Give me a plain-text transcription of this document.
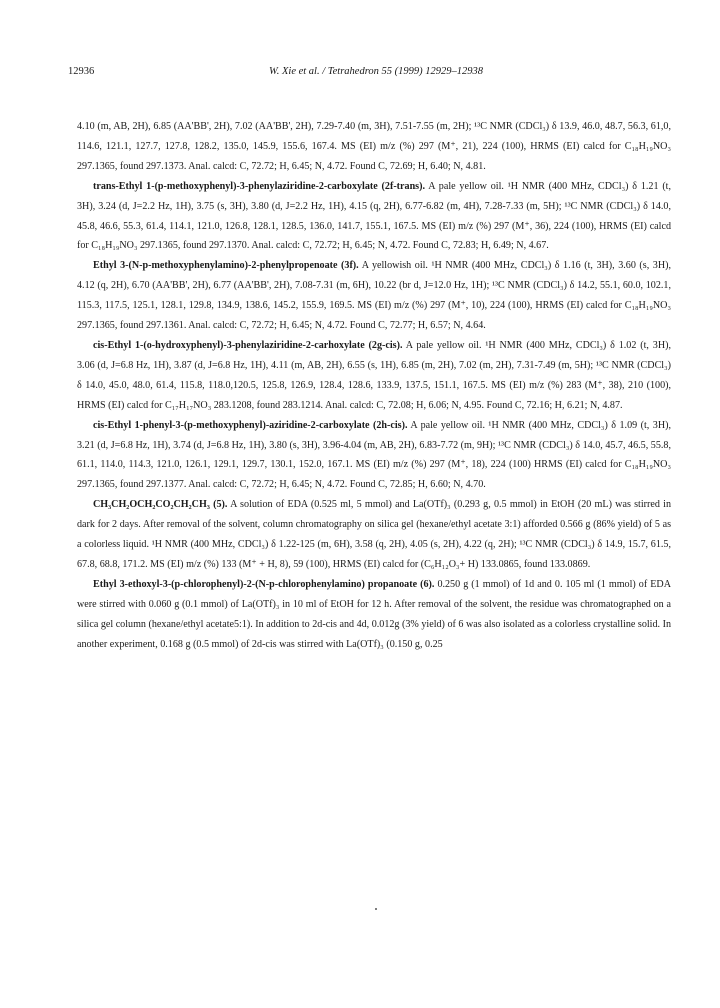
12936	W. Xie et al. / Tetrahedron 55 (1999) 12929–12938

4.10 (m, AB, 2H), 6.85 (AA'BB', 2H), 7.02 (AA'BB', 2H), 7.29-7.40 (m, 3H), 7.51-7.55 (m, 2H); ¹³C NMR (CDCl₃) δ 13.9, 46.0, 48.7, 56.3, 61,0, 114.6, 121.1, 127.7, 127.8, 128.2, 135.0, 145.9, 155.6, 167.4. MS (EI) m/z (%) 297 (M⁺, 21), 224 (100), HRMS (EI) calcd for C₁₈H₁₉NO₃ 297.1365, found 297.1373. Anal. calcd: C, 72.72; H, 6.45; N, 4.72. Found C, 72.69; H, 6.40; N, 4.81.

trans-Ethyl 1-(p-methoxyphenyl)-3-phenylaziridine-2-carboxylate (2f-trans). A pale yellow oil. ¹H NMR (400 MHz, CDCl₃) δ 1.21 (t, 3H), 3.24 (d, J=2.2 Hz, 1H), 3.75 (s, 3H), 3.80 (d, J=2.2 Hz, 1H), 4.15 (q, 2H), 6.77-6.82 (m, 4H), 7.28-7.33 (m, 5H); ¹³C NMR (CDCl₃) δ 14.0, 45.8, 46.6, 55.3, 61.4, 114.1, 121.0, 126.8, 128.1, 128.5, 136.0, 141.7, 155.1, 167.5. MS (EI) m/z (%) 297 (M⁺, 36), 224 (100), HRMS (EI) calcd for C₁₈H₁₉NO₃ 297.1365, found 297.1370. Anal. calcd: C, 72.72; H, 6.45; N, 4.72. Found C, 72.83; H, 6.49; N, 4.67.

Ethyl 3-(N-p-methoxyphenylamino)-2-phenylpropenoate (3f). A yellowish oil. ¹H NMR (400 MHz, CDCl₃) δ 1.16 (t, 3H), 3.60 (s, 3H), 4.12 (q, 2H), 6.70 (AA'BB', 2H), 6.77 (AA'BB', 2H), 7.08-7.31 (m, 6H), 10.22 (br d, J=12.0 Hz, 1H); ¹³C NMR (CDCl₃) δ 14.2, 55.1, 60.0, 102.1, 115.3, 117.5, 125.1, 128.1, 129.8, 134.9, 138.6, 145.2, 155.9, 169.5. MS (EI) m/z (%) 297 (M⁺, 10), 224 (100), HRMS (EI) calcd for C₁₈H₁₉NO₃ 297.1365, found 297.1361. Anal. calcd: C, 72.72; H, 6.45; N, 4.72. Found C, 72.77; H, 6.57; N, 4.64.

cis-Ethyl 1-(o-hydroxyphenyl)-3-phenylaziridine-2-carhoxylate (2g-cis). A pale yellow oil. ¹H NMR (400 MHz, CDCl₃) δ 1.02 (t, 3H), 3.06 (d, J=6.8 Hz, 1H), 3.87 (d, J=6.8 Hz, 1H), 4.11 (m, AB, 2H), 6.55 (s, 1H), 6.85 (m, 2H), 7.02 (m, 2H), 7.31-7.49 (m, 5H); ¹³C NMR (CDCl₃) δ 14.0, 45.0, 48.0, 61.4, 115.8, 118.0,120.5, 125.8, 126.9, 128.4, 128.6, 133.9, 137.5, 151.1, 167.5. MS (EI) m/z (%) 283 (M⁺, 38), 210 (100), HRMS (EI) calcd for C₁₇H₁₇NO₃ 283.1208, found 283.1214. Anal. calcd: C, 72.08; H, 6.06; N, 4.95. Found C, 72.16; H, 6.21; N, 4.87.

cis-Ethyl 1-phenyl-3-(p-methoxyphenyl)-aziridine-2-carboxylate (2h-cis). A pale yellow oil. ¹H NMR (400 MHz, CDCl₃) δ 1.09 (t, 3H), 3.21 (d, J=6.8 Hz, 1H), 3.74 (d, J=6.8 Hz, 1H), 3.80 (s, 3H), 3.96-4.04 (m, AB, 2H), 6.83-7.72 (m, 9H); ¹³C NMR (CDCl₃) δ 14.0, 45.7, 46.5, 55.8, 61.1, 114.0, 114.3, 121.0, 126.1, 129.1, 129.7, 130.1, 152.0, 167.1. MS (EI) m/z (%) 297 (M⁺, 18), 224 (100) HRMS (EI) calcd for C₁₈H₁₉NO₃ 297.1365, found 297.1377. Anal. calcd: C, 72.72; H, 6.45; N, 4.72. Found C, 72.85; H, 6.60; N, 4.70.

CH₃CH₂OCH₂CO₂CH₂CH₃ (5). A solution of EDA (0.525 ml, 5 mmol) and La(OTf)₃ (0.293 g, 0.5 mmol) in EtOH (20 mL) was stirred in dark for 2 days. After removal of the solvent, column chromatography on silica gel (hexane/ethyl acetate 3:1) afforded 0.566 g (86% yield) of 5 as a colorless liquid. ¹H NMR (400 MHz, CDCl₃) δ 1.22-125 (m, 6H), 3.58 (q, 2H), 4.05 (s, 2H), 4.22 (q, 2H); ¹³C NMR (CDCl₃) δ 14.9, 15.7, 61.5, 67.8, 68.8, 171.2. MS (EI) m/z (%) 133 (M⁺ + H, 8), 59 (100), HRMS (EI) calcd for (C₆H₁₂O₃+ H) 133.0865, found 133.0869.

Ethyl 3-ethoxyl-3-(p-chlorophenyl)-2-(N-p-chlorophenylamino) propanoate (6). 0.250 g (1 mmol) of 1d and 0. 105 ml (1 mmol) of EDA were stirred with 0.060 g (0.1 mmol) of La(OTf)₃ in 10 ml of EtOH for 12 h. After removal of the solvent, the residue was chromatographed on a silica gel column (hexane/ethyl acetate5:1). In addition to 2d-cis and 4d, 0.012g (3% yield) of 6 was also isolated as a colorless crystalline solid. In another experiment, 0.168 g (0.5 mmol) of 2d-cis was stirred with La(OTf)₃ (0.150 g, 0.25
